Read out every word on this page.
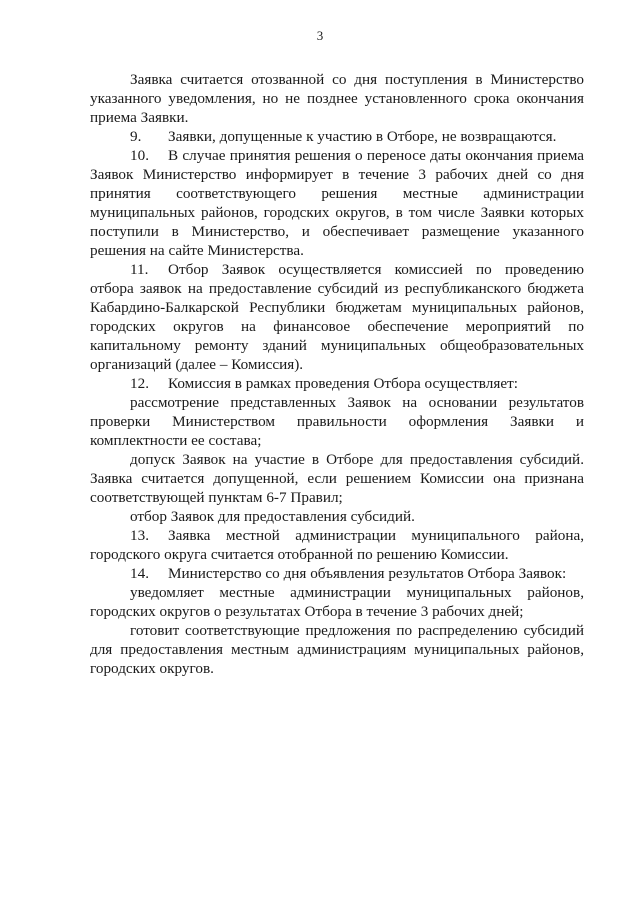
3

Заявка считается отозванной со дня поступления в Министерство указанного уведомления, но не позднее установленного срока окончания приема Заявки.

9. Заявки, допущенные к участию в Отборе, не возвращаются.

10. В случае принятия решения о переносе даты окончания приема Заявок Министерство информирует в течение 3 рабочих дней со дня принятия соответствующего решения местные администрации муниципальных районов, городских округов, в том числе Заявки которых поступили в Министерство, и обеспечивает размещение указанного решения на сайте Министерства.

11. Отбор Заявок осуществляется комиссией по проведению отбора заявок на предоставление субсидий из республиканского бюджета Кабардино-Балкарской Республики бюджетам муниципальных районов, городских округов на финансовое обеспечение мероприятий по капитальному ремонту зданий муниципальных общеобразовательных организаций (далее – Комиссия).

12. Комиссия в рамках проведения Отбора осуществляет:

рассмотрение представленных Заявок на основании результатов проверки Министерством правильности оформления Заявки и комплектности ее состава;

допуск Заявок на участие в Отборе для предоставления субсидий. Заявка считается допущенной, если решением Комиссии она признана соответствующей пунктам 6-7 Правил;

отбор Заявок для предоставления субсидий.

13. Заявка местной администрации муниципального района, городского округа считается отобранной по решению Комиссии.

14. Министерство со дня объявления результатов Отбора Заявок:

уведомляет местные администрации муниципальных районов, городских округов о результатах Отбора в течение 3 рабочих дней;

готовит соответствующие предложения по распределению субсидий для предоставления местным администрациям муниципальных районов, городских округов.
